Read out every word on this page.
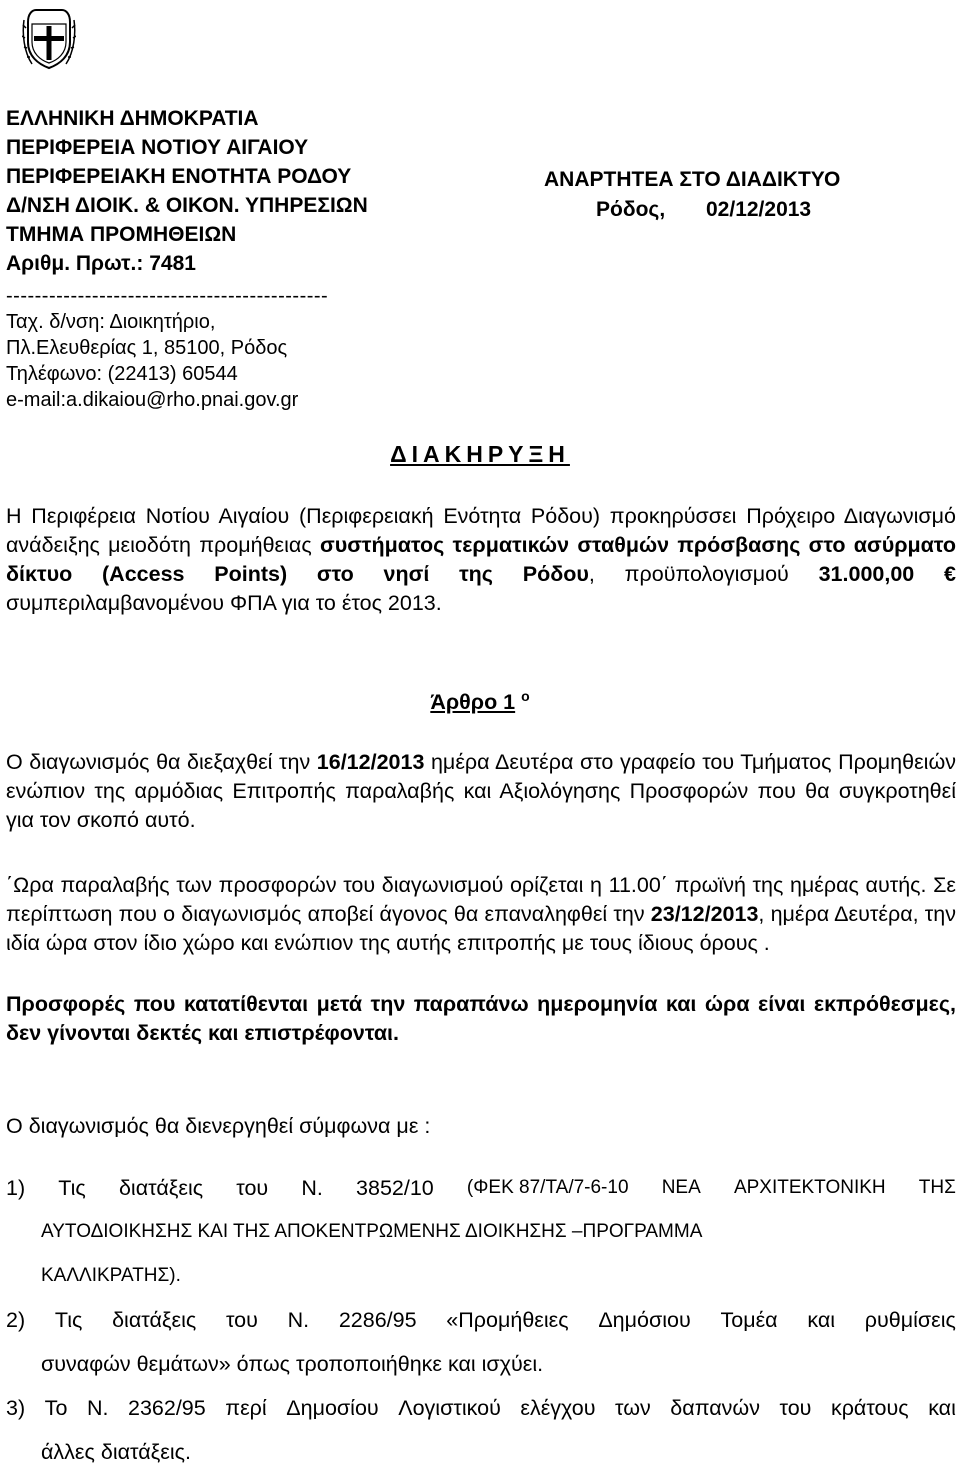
ΕΛΛΗΝΙΚΗ ΔΗΜΟΚΡΑΤΙΑ
ΠΕΡΙΦΕΡΕΙΑ ΝΟΤΙΟΥ ΑΙΓΑΙΟΥ
ΠΕΡΙΦΕΡΕΙΑΚΗ ΕΝΟΤΗΤΑ ΡΟΔΟΥ
Δ/ΝΣΗ ΔΙΟΙΚ. & ΟΙΚΟΝ. ΥΠΗΡΕΣΙΩΝ
ΤΜΗΜΑ ΠΡΟΜΗΘΕΙΩΝ
Αριθμ. Πρωτ.: 7481
ΑΝΑΡΤΗΤΕΑ ΣΤΟ ΔΙΑΔΙΚΤΥΟ
Ρόδος, 02/12/2013
---------------------------------------------
Ταχ. δ/νση: Διοικητήριο,
Πλ.Ελευθερίας 1, 85100, Ρόδος
Τηλέφωνο: (22413) 60544
e-mail:a.dikaiou@rho.pnai.gov.gr
ΔΙΑΚΗΡΥΞΗ
Η Περιφέρεια Νοτίου Αιγαίου (Περιφερειακή Ενότητα Ρόδου) προκηρύσσει Πρόχειρο Διαγωνισμό ανάδειξης μειοδότη προμήθειας συστήματος τερματικών σταθμών πρόσβασης στο ασύρματο δίκτυο (Access Points) στο νησί της Ρόδου, προϋπολογισμού 31.000,00 € συμπεριλαμβανομένου ΦΠΑ για το έτος 2013.
Άρθρο 1 $^o$
Ο διαγωνισμός θα διεξαχθεί την 16/12/2013 ημέρα Δευτέρα στο γραφείο του Τμήματος Προμηθειών ενώπιον της αρμόδιας Επιτροπής παραλαβής και Αξιολόγησης Προσφορών που θα συγκροτηθεί για τον σκοπό αυτό.
΄Ωρα παραλαβής των προσφορών του διαγωνισμού ορίζεται η 11.00΄ πρωϊνή της ημέρας αυτής. Σε περίπτωση που ο διαγωνισμός αποβεί άγονος θα επαναληφθεί την 23/12/2013, ημέρα Δευτέρα, την ιδία ώρα στον ίδιο χώρο και ενώπιον της αυτής επιτροπής με τους ίδιους όρους .
Προσφορές που κατατίθενται μετά την παραπάνω ημερομηνία και ώρα είναι εκπρόθεσμες, δεν γίνονται δεκτές και επιστρέφονται.
Ο διαγωνισμός θα διενεργηθεί σύμφωνα με :
1) Τις διατάξεις του Ν. 3852/10 (ΦΕΚ 87/ΤΑ/7-6-10 ΝΕΑ ΑΡΧΙΤΕΚΤΟΝΙΚΗ ΤΗΣ
ΑΥΤΟΔΙΟΙΚΗΣΗΣ ΚΑΙ ΤΗΣ ΑΠΟΚΕΝΤΡΩΜΕΝΗΣ ΔΙΟΙΚΗΣΗΣ –ΠΡΟΓΡΑΜΜΑ
ΚΑΛΛΙΚΡΑΤΗΣ).
2) Τις διατάξεις του Ν. 2286/95 «Προμήθειες Δημόσιου Τομέα και ρυθμίσεις
συναφών θεμάτων» όπως τροποποιήθηκε και ισχύει.
3) Το Ν. 2362/95 περί Δημοσίου Λογιστικού ελέγχου των δαπανών του κράτους και
άλλες διατάξεις.
